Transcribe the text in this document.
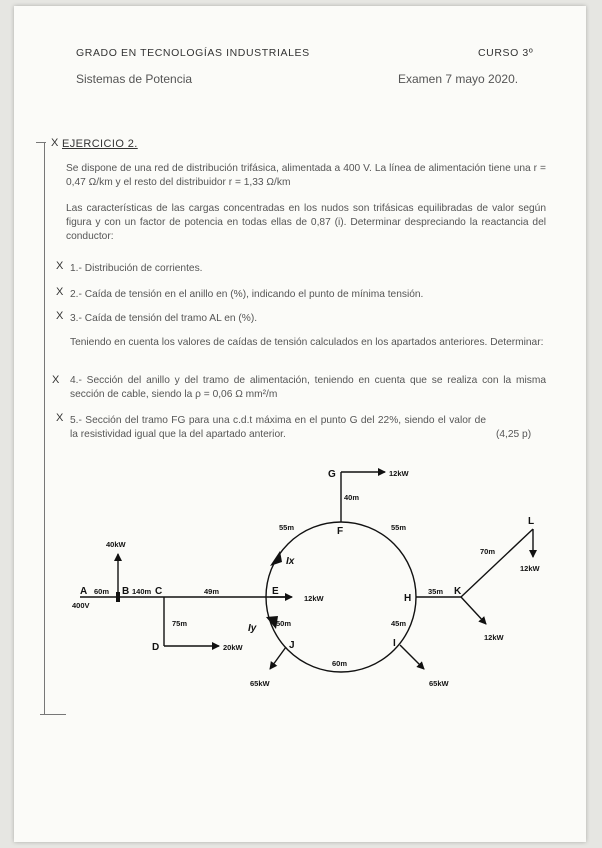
GRADO EN TECNOLOGÍAS INDUSTRIALES	CURSO 3º
Sistemas de Potencia	Examen 7 mayo 2020.
X EJERCICIO 2.
Se dispone de una red de distribución trifásica, alimentada a 400 V. La línea de alimentación tiene una r = 0,47 Ω/km y el resto del distribuidor r = 1,33 Ω/km
Las características de las cargas concentradas en los nudos son trifásicas equilibradas de valor según figura y con un factor de potencia en todas ellas de 0,87 (i). Determinar despreciando la reactancia del conductor:
X 1.- Distribución de corrientes.
X 2.- Caída de tensión en el anillo en (%), indicando el punto de mínima tensión.
X 3.- Caída de tensión del tramo AL en (%).
Teniendo en cuenta los valores de caídas de tensión calculados en los apartados anteriores. Determinar:
X 4.- Sección del anillo y del tramo de alimentación, teniendo en cuenta que se realiza con la misma sección de cable, siendo la ρ = 0,06 Ω mm²/m
X 5.- Sección del tramo FG para una c.d.t máxima en el punto G del 22%, siendo el valor de la resistividad igual que la del apartado anterior.	(4,25 p)
A
400V
60m B 140m C	49m	E
12kW
40kW
75m
D	20kW
G	12kW
40m
F
55m	55m
Ix
Iy	50m
J
65kW
60m
H
45m
I
65kW
35m K
70m
L
12kW
12kW
